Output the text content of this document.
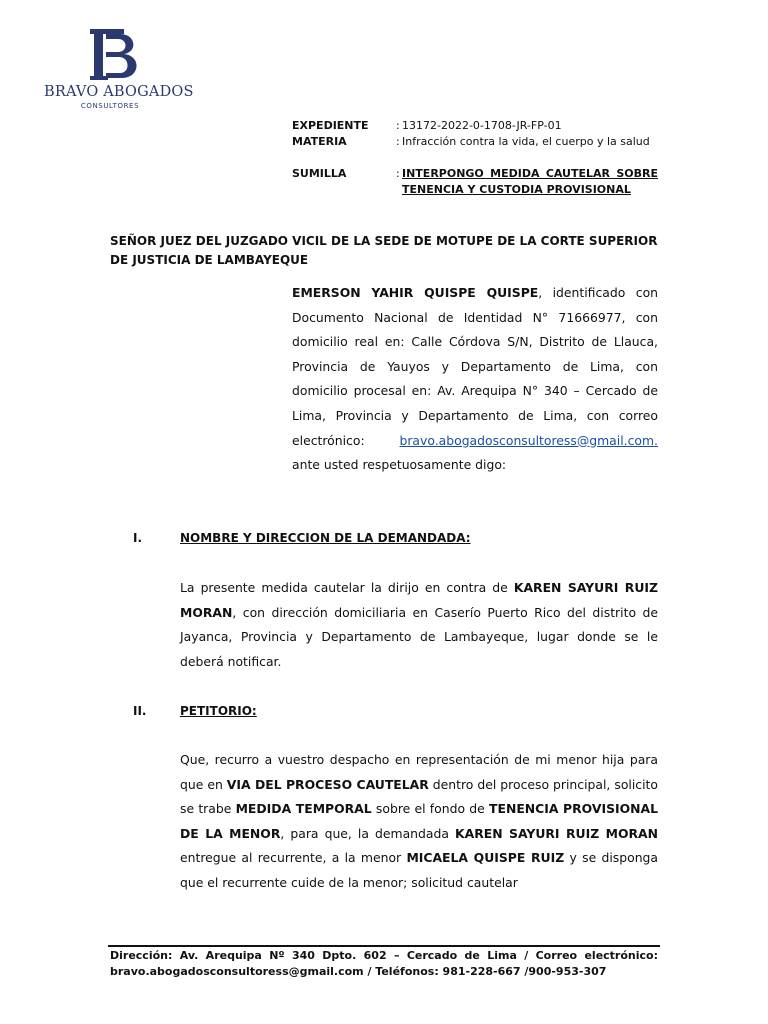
BRAVO ABOGADOS
CONSULTORES
EXPEDIENTE	: 13172-2022-0-1708-JR-FP-01
MATERIA	: Infracción contra la vida, el cuerpo y la salud
SUMILLA	: INTERPONGO MEDIDA CAUTELAR SOBRE TENENCIA Y CUSTODIA PROVISIONAL
SEÑOR JUEZ DEL JUZGADO VICIL DE LA SEDE DE MOTUPE DE LA CORTE SUPERIOR DE JUSTICIA DE LAMBAYEQUE
EMERSON YAHIR QUISPE QUISPE, identificado con Documento Nacional de Identidad N° 71666977, con domicilio real en: Calle Córdova S/N, Distrito de Llauca, Provincia de Yauyos y Departamento de Lima, con domicilio procesal en: Av. Arequipa N° 340 – Cercado de Lima, Provincia y Departamento de Lima, con correo electrónico: bravo.abogadosconsultoress@gmail.com. ante usted respetuosamente digo:
I.	NOMBRE Y DIRECCION DE LA DEMANDADA:
La presente medida cautelar la dirijo en contra de KAREN SAYURI RUIZ MORAN, con dirección domiciliaria en Caserío Puerto Rico del distrito de Jayanca, Provincia y Departamento de Lambayeque, lugar donde se le deberá notificar.
II.	PETITORIO:
Que, recurro a vuestro despacho en representación de mi menor hija para que en VIA DEL PROCESO CAUTELAR dentro del proceso principal, solicito se trabe MEDIDA TEMPORAL sobre el fondo de TENENCIA PROVISIONAL DE LA MENOR, para que, la demandada KAREN SAYURI RUIZ MORAN entregue al recurrente, a la menor MICAELA QUISPE RUIZ y se disponga que el recurrente cuide de la menor; solicitud cautelar
Dirección: Av. Arequipa Nº 340 Dpto. 602 – Cercado de Lima / Correo electrónico: bravo.abogadosconsultoress@gmail.com / Teléfonos: 981-228-667 /900-953-307
